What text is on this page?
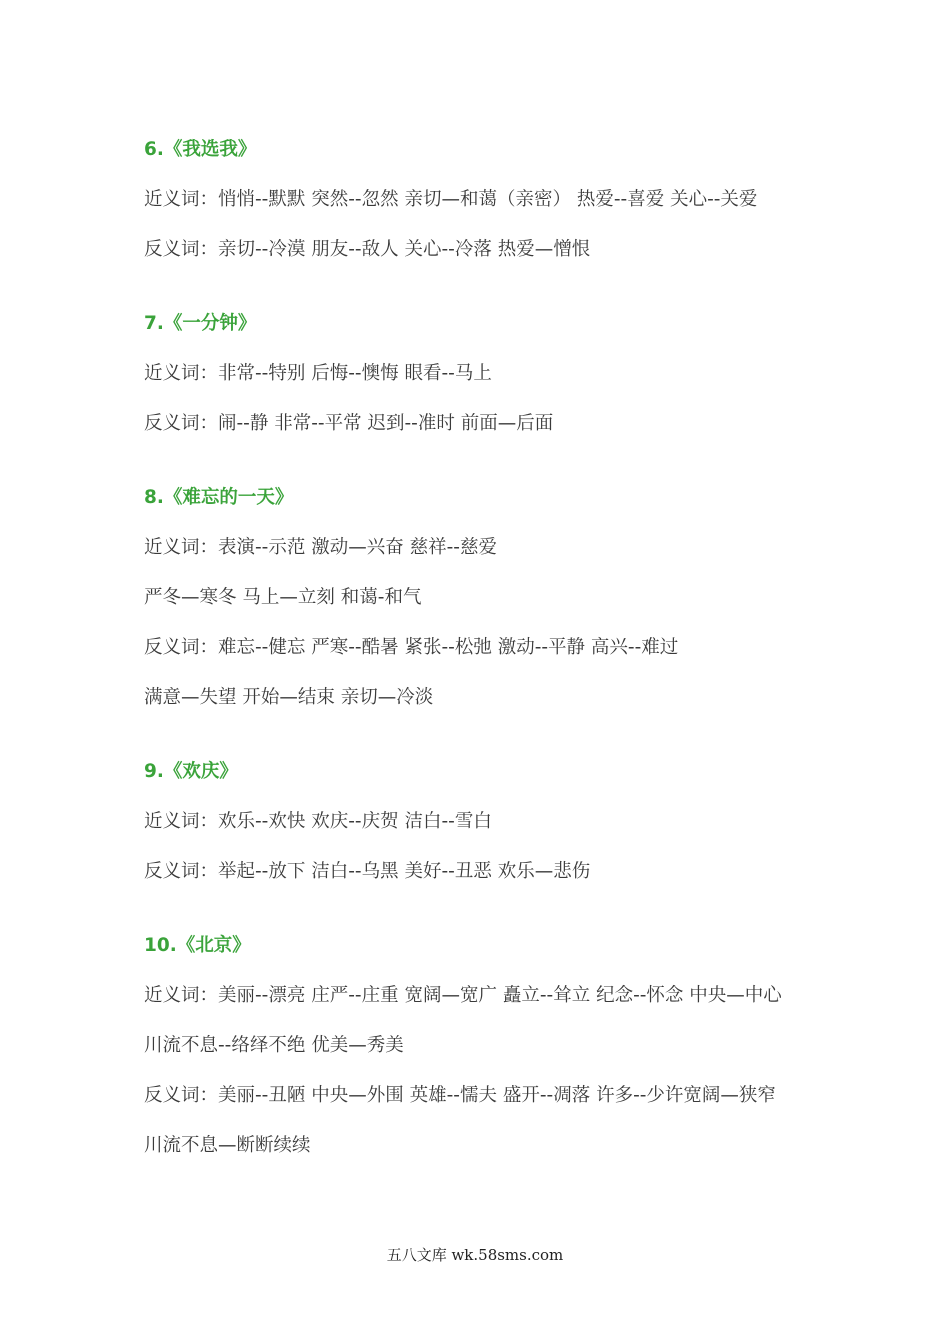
6.《我选我》
近义词：悄悄--默默 突然--忽然 亲切—和蔼（亲密） 热爱--喜爱 关心--关爱
反义词：亲切--冷漠 朋友--敌人 关心--冷落 热爱—憎恨
7.《一分钟》
近义词：非常--特别 后悔--懊悔 眼看--马上
反义词：闹--静 非常--平常 迟到--准时 前面—后面
8.《难忘的一天》
近义词：表演--示范 激动—兴奋 慈祥--慈爱
严冬—寒冬 马上—立刻 和蔼-和气
反义词：难忘--健忘 严寒--酷暑 紧张--松弛 激动--平静 高兴--难过
满意—失望 开始—结束 亲切—冷淡
9.《欢庆》
近义词：欢乐--欢快 欢庆--庆贺 洁白--雪白
反义词：举起--放下 洁白--乌黑 美好--丑恶 欢乐—悲伤
10.《北京》
近义词：美丽--漂亮 庄严--庄重 宽阔—宽广 矗立--耸立 纪念--怀念 中央—中心
川流不息--络绎不绝 优美—秀美
反义词：美丽--丑陋 中央—外围 英雄--懦夫 盛开--凋落 许多--少许宽阔—狭窄
川流不息—断断续续
五八文库 wk.58sms.com
